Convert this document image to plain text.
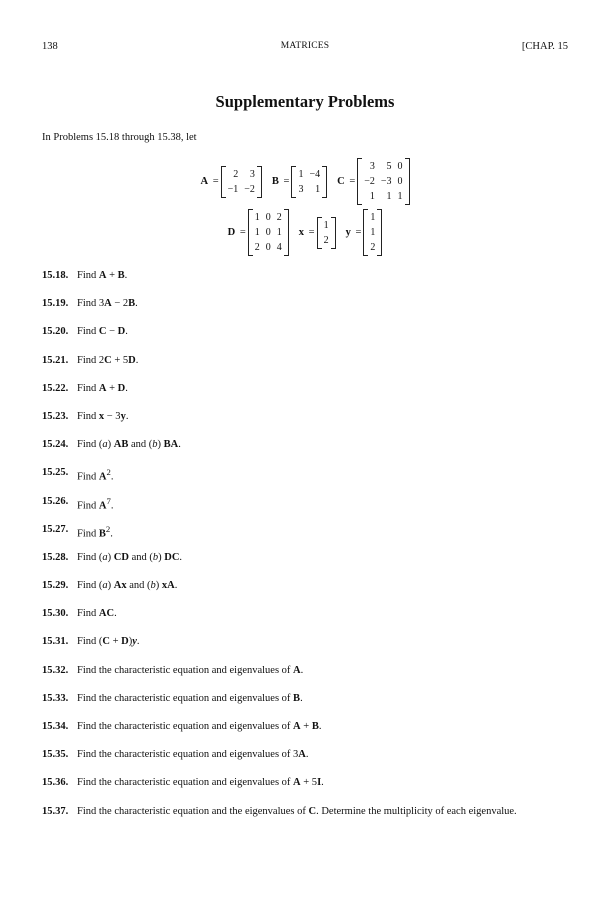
138	MATRICES	[CHAP. 15
Supplementary Problems
In Problems 15.18 through 15.38, let
A =
2	3
−1	−2
B =
1	−4
3	1
C =
3	5	0
−2	−3	0
1	1	1
D =
1	0	2
1	0	1
2	0	4
x =
1
2
y =
1
1
2
15.18. Find A + B.
15.19. Find 3A − 2B.
15.20. Find C − D.
15.21. Find 2C + 5D.
15.22. Find A + D.
15.23. Find x − 3y.
15.24. Find (a) AB and (b) BA.
15.25. Find $A^2$.
15.26. Find $A^7$.
15.27. Find $B^2$.
15.28. Find (a) CD and (b) DC.
15.29. Find (a) Ax and (b) xA.
15.30. Find AC.
15.31. Find (C + D)y.
15.32. Find the characteristic equation and eigenvalues of A.
15.33. Find the characteristic equation and eigenvalues of B.
15.34. Find the characteristic equation and eigenvalues of A + B.
15.35. Find the characteristic equation and eigenvalues of 3A.
15.36. Find the characteristic equation and eigenvalues of A + 5I.
15.37. Find the characteristic equation and the eigenvalues of C. Determine the multiplicity of each eigenvalue.
